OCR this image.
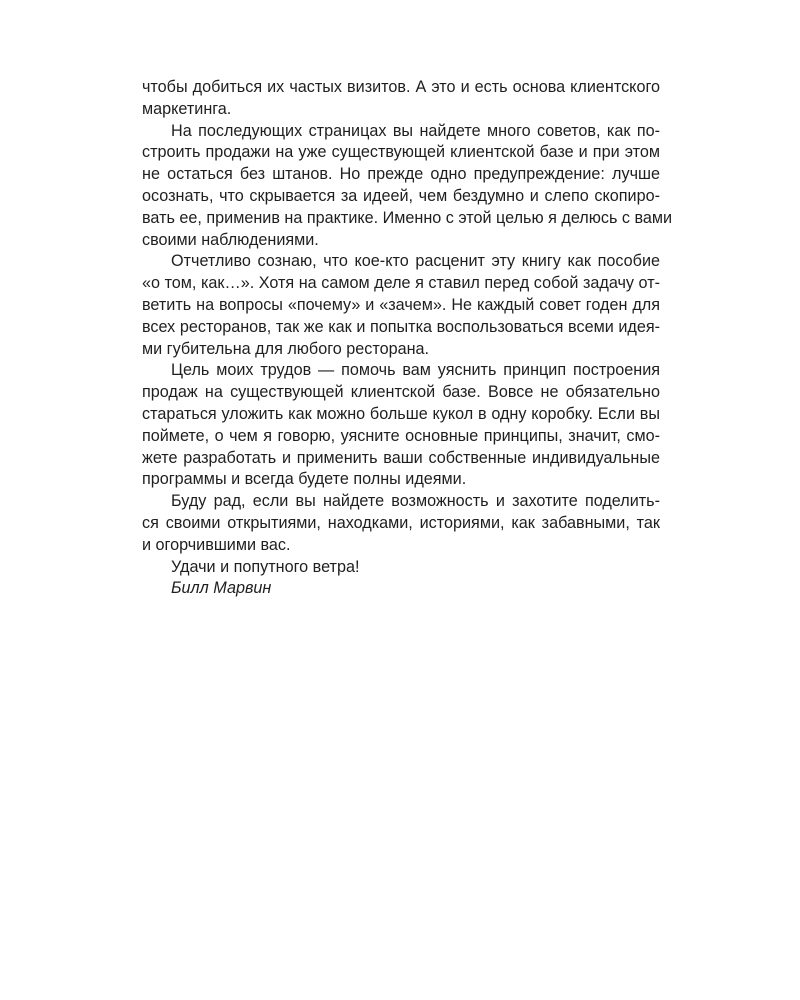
чтобы добиться их частых визитов. А это и есть основа клиентского
маркетинга.
На последующих страницах вы найдете много советов, как по-
строить продажи на уже существующей клиентской базе и при этом
не остаться без штанов. Но прежде одно предупреждение: лучше
осознать, что скрывается за идеей, чем бездумно и слепо скопиро-
вать ее, применив на практике. Именно с этой целью я делюсь с вами
своими наблюдениями.
Отчетливо сознаю, что кое-кто расценит эту книгу как пособие
«о том, как…». Хотя на самом деле я ставил перед собой задачу от-
ветить на вопросы «почему» и «зачем». Не каждый совет годен для
всех ресторанов, так же как и попытка воспользоваться всеми идея-
ми губительна для любого ресторана.
Цель моих трудов — помочь вам уяснить принцип построения
продаж на существующей клиентской базе. Вовсе не обязательно
стараться уложить как можно больше кукол в одну коробку. Если вы
поймете, о чем я говорю, уясните основные принципы, значит, смо-
жете разработать и применить ваши собственные индивидуальные
программы и всегда будете полны идеями.
Буду рад, если вы найдете возможность и захотите поделить-
ся своими открытиями, находками, историями, как забавными, так
и огорчившими вас.
Удачи и попутного ветра!
Билл Марвин
